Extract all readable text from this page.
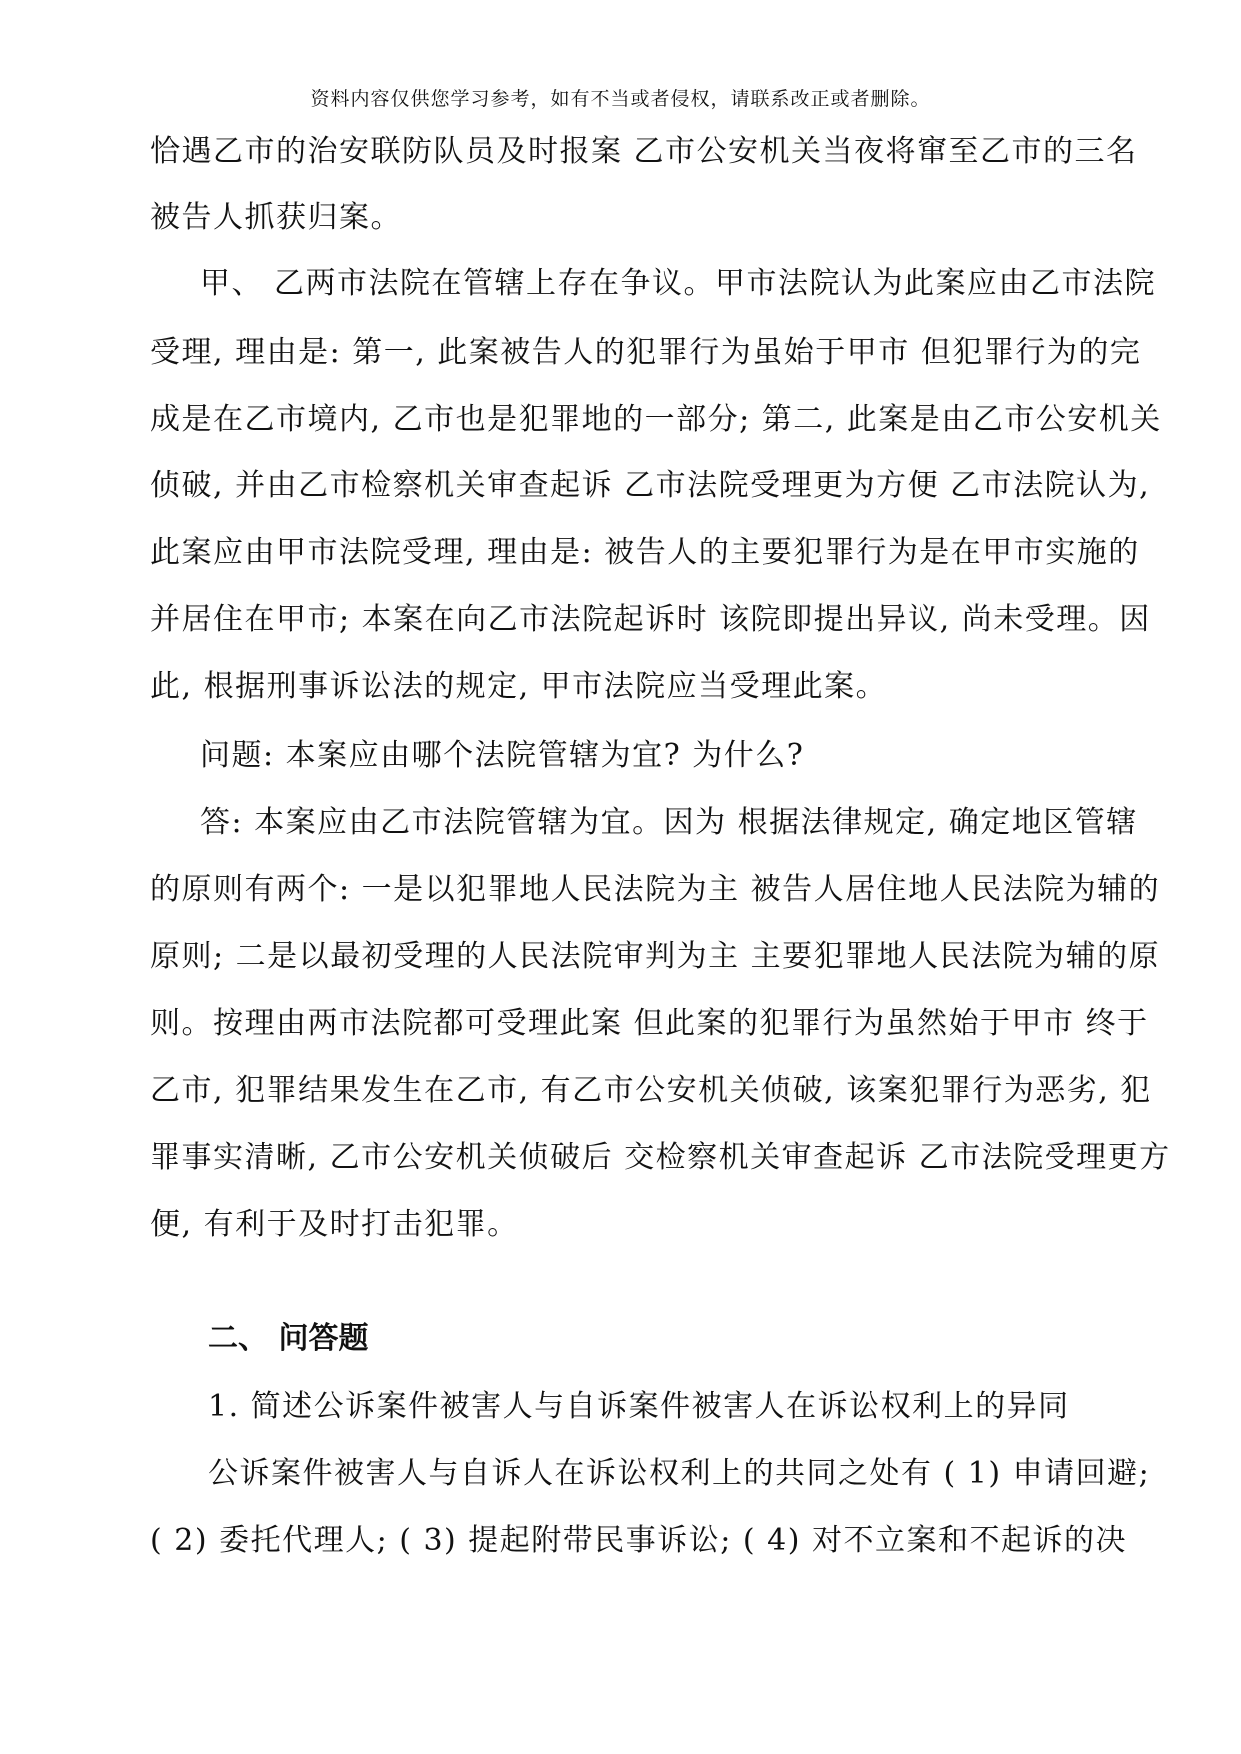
资料内容仅供您学习参考，如有不当或者侵权，请联系改正或者删除。
恰遇乙市的治安联防队员及时报案 乙市公安机关当夜将窜至乙市的三名
被告人抓获归案。
甲、 乙两市法院在管辖上存在争议。甲市法院认为此案应由乙市法院
受理, 理由是: 第一, 此案被告人的犯罪行为虽始于甲市 但犯罪行为的完
成是在乙市境内, 乙市也是犯罪地的一部分; 第二, 此案是由乙市公安机关
侦破, 并由乙市检察机关审查起诉 乙市法院受理更为方便 乙市法院认为,
此案应由甲市法院受理, 理由是: 被告人的主要犯罪行为是在甲市实施的
并居住在甲市; 本案在向乙市法院起诉时 该院即提出异议, 尚未受理。因
此, 根据刑事诉讼法的规定, 甲市法院应当受理此案。
问题: 本案应由哪个法院管辖为宜? 为什么?
答: 本案应由乙市法院管辖为宜。因为 根据法律规定, 确定地区管辖
的原则有两个: 一是以犯罪地人民法院为主 被告人居住地人民法院为辅的
原则; 二是以最初受理的人民法院审判为主 主要犯罪地人民法院为辅的原
则。按理由两市法院都可受理此案 但此案的犯罪行为虽然始于甲市 终于
乙市, 犯罪结果发生在乙市, 有乙市公安机关侦破, 该案犯罪行为恶劣, 犯
罪事实清晰, 乙市公安机关侦破后 交检察机关审查起诉 乙市法院受理更方
便, 有利于及时打击犯罪。
二、 问答题
1. 简述公诉案件被害人与自诉案件被害人在诉讼权利上的异同
公诉案件被害人与自诉人在诉讼权利上的共同之处有 ( 1) 申请回避;
( 2) 委托代理人; ( 3) 提起附带民事诉讼; ( 4) 对不立案和不起诉的决
